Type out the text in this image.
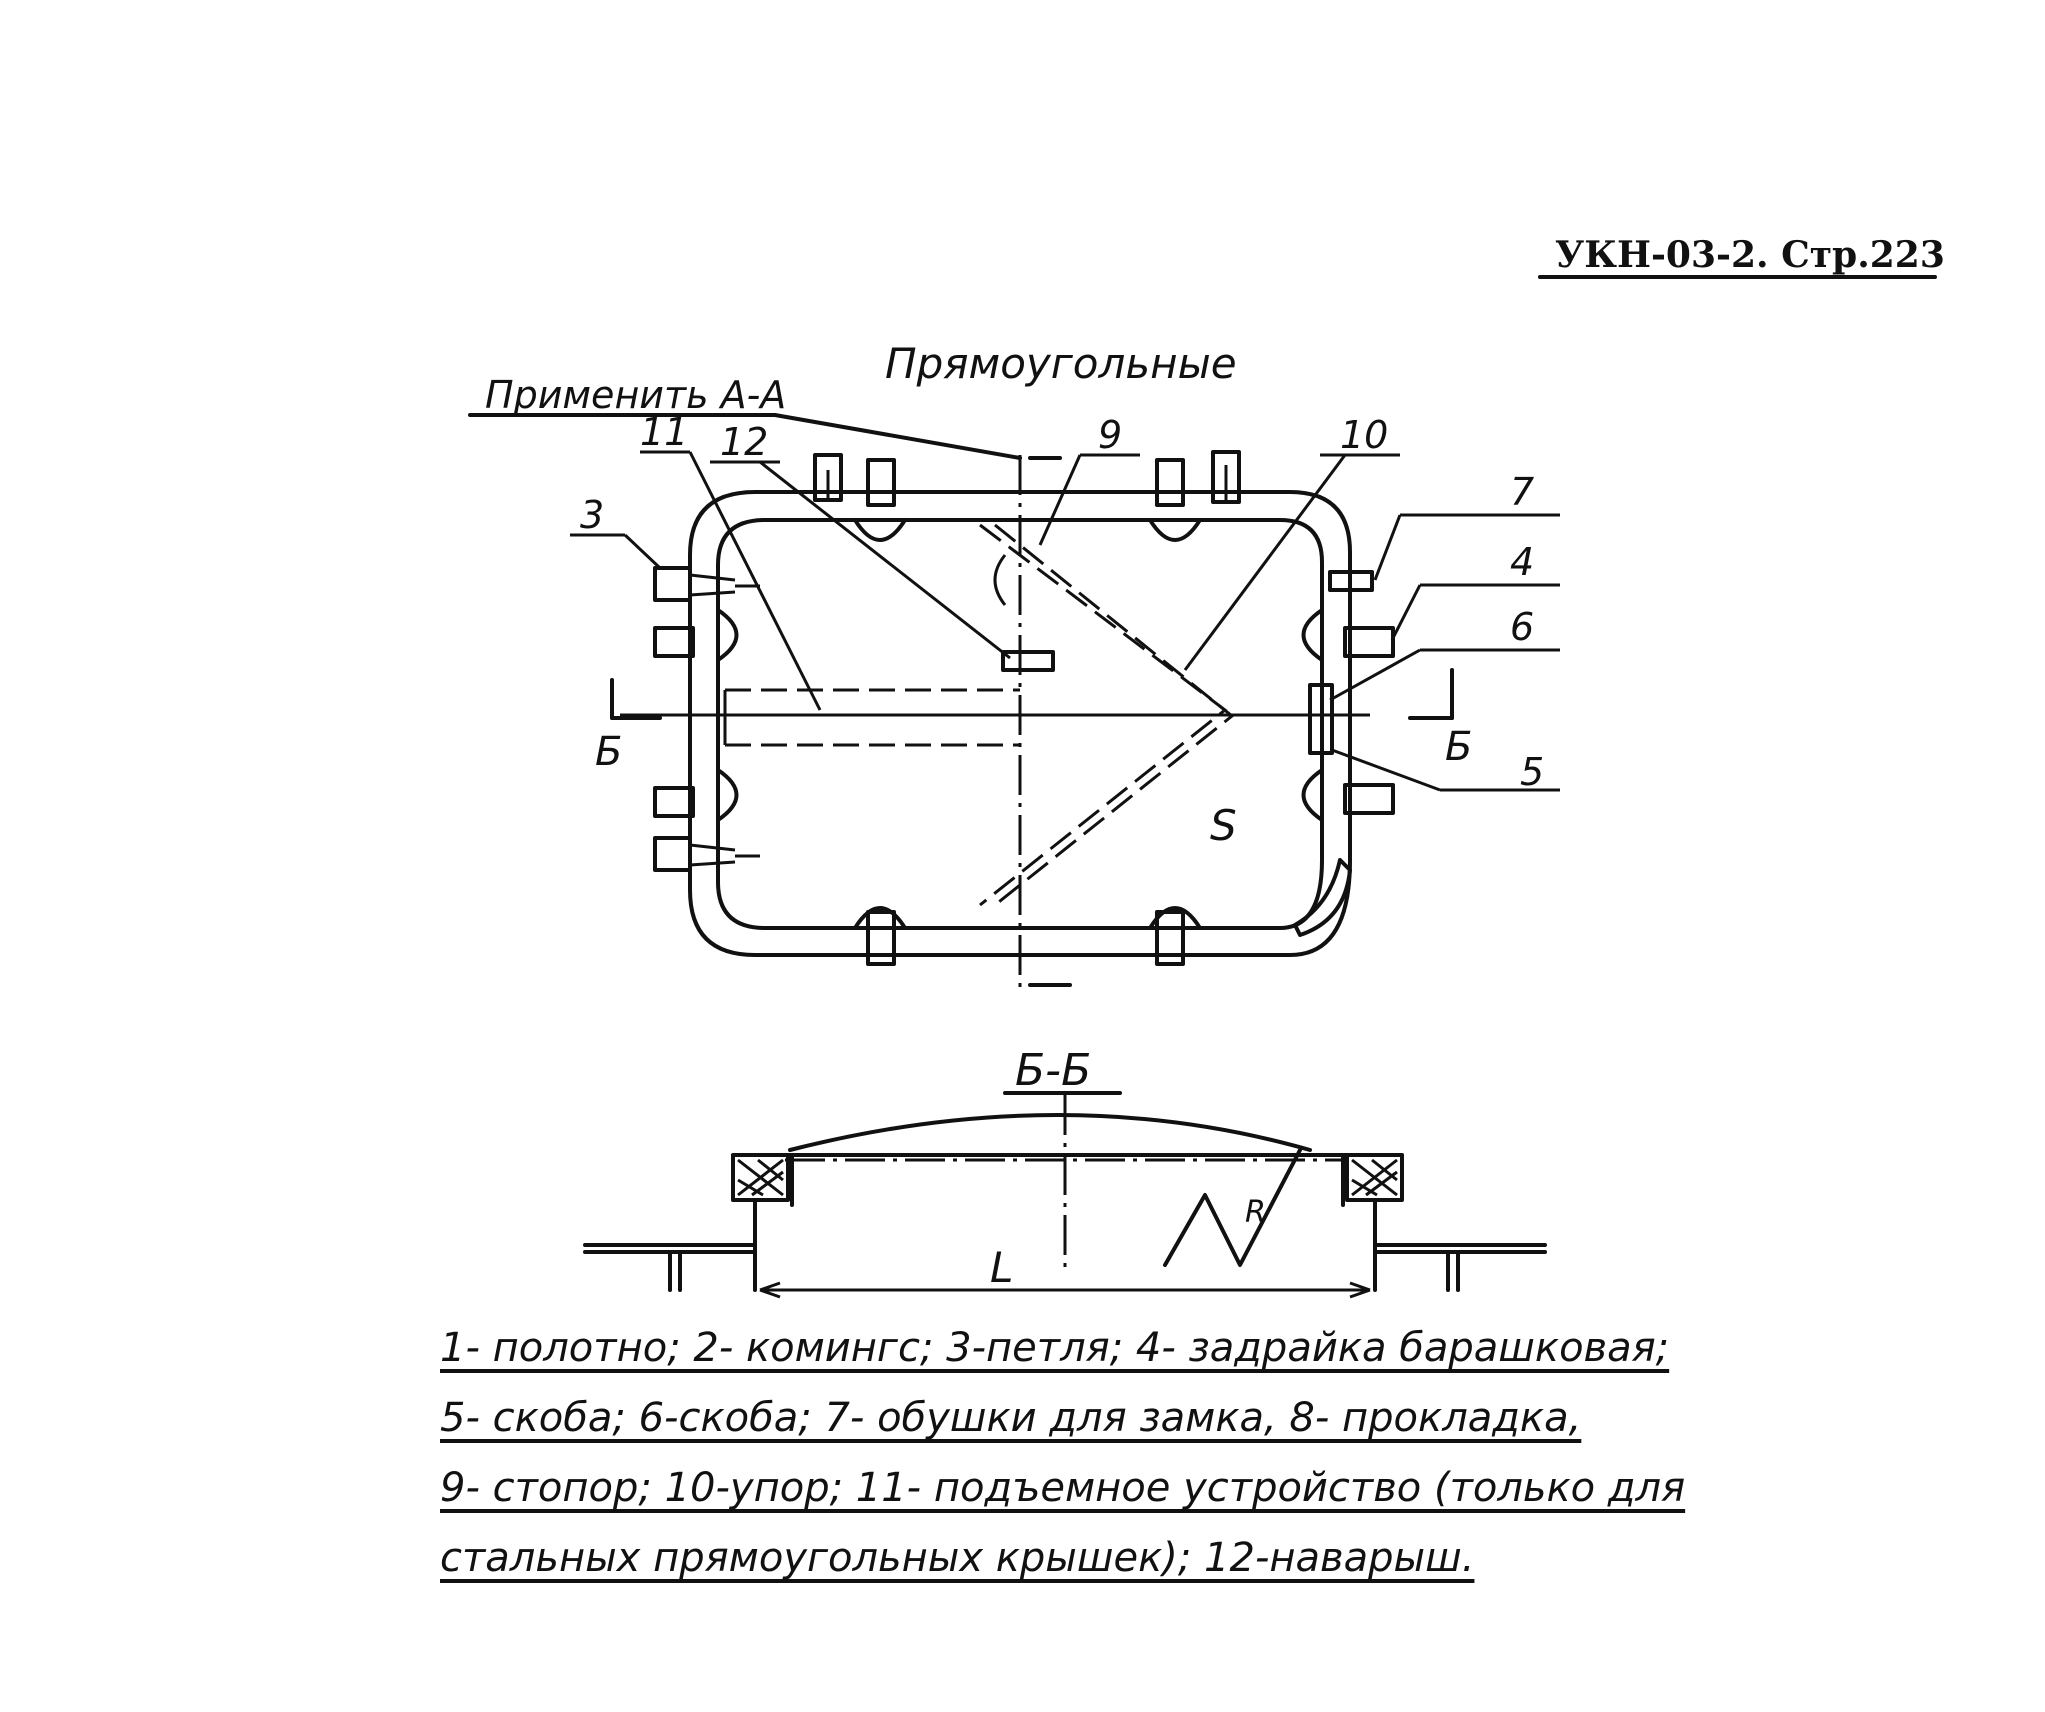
УКН-03-2. Стр.223
Прямоугольные
Применить А-А
Б	Б
3
11 12	9	10
7
4
6
5
S
Б-Б
L
R
1- полотно; 2- комингс; 3-петля; 4- задрайка барашковая;
5- скоба; 6-скоба; 7- обушки для замка, 8- прокладка,
9- стопор; 10-упор; 11- подъемное устройство (только для
стальных прямоугольных крышек); 12-наварыш.
